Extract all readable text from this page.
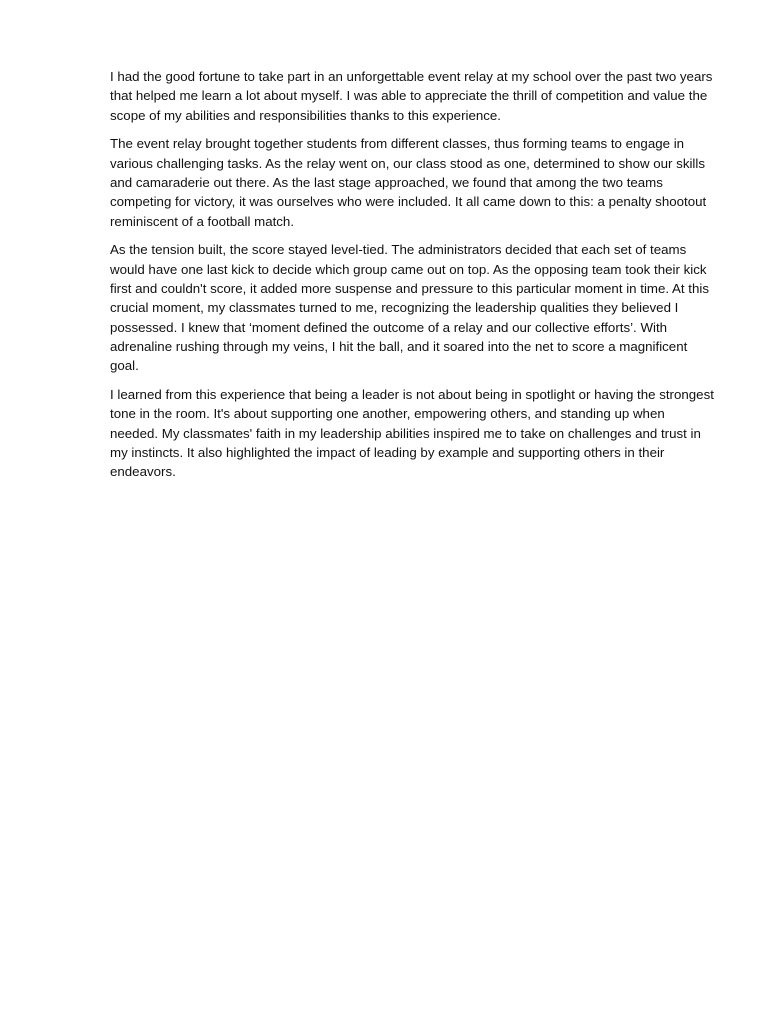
I had the good fortune to take part in an unforgettable event relay at my school over the past two years that helped me learn a lot about myself. I was able to appreciate the thrill of competition and value the scope of my abilities and responsibilities thanks to this experience.

The event relay brought together students from different classes, thus forming teams to engage in various challenging tasks. As the relay went on, our class stood as one, determined to show our skills and camaraderie out there. As the last stage approached, we found that among the two teams competing for victory, it was ourselves who were included. It all came down to this: a penalty shootout reminiscent of a football match.

As the tension built, the score stayed level-tied. The administrators decided that each set of teams would have one last kick to decide which group came out on top. As the opposing team took their kick first and couldn't score, it added more suspense and pressure to this particular moment in time. At this crucial moment, my classmates turned to me, recognizing the leadership qualities they believed I possessed. I knew that ‘moment defined the outcome of a relay and our collective efforts’. With adrenaline rushing through my veins, I hit the ball, and it soared into the net to score a magnificent goal.

I learned from this experience that being a leader is not about being in spotlight or having the strongest tone in the room. It's about supporting one another, empowering others, and standing up when needed. My classmates' faith in my leadership abilities inspired me to take on challenges and trust in my instincts. It also highlighted the impact of leading by example and supporting others in their endeavors.
